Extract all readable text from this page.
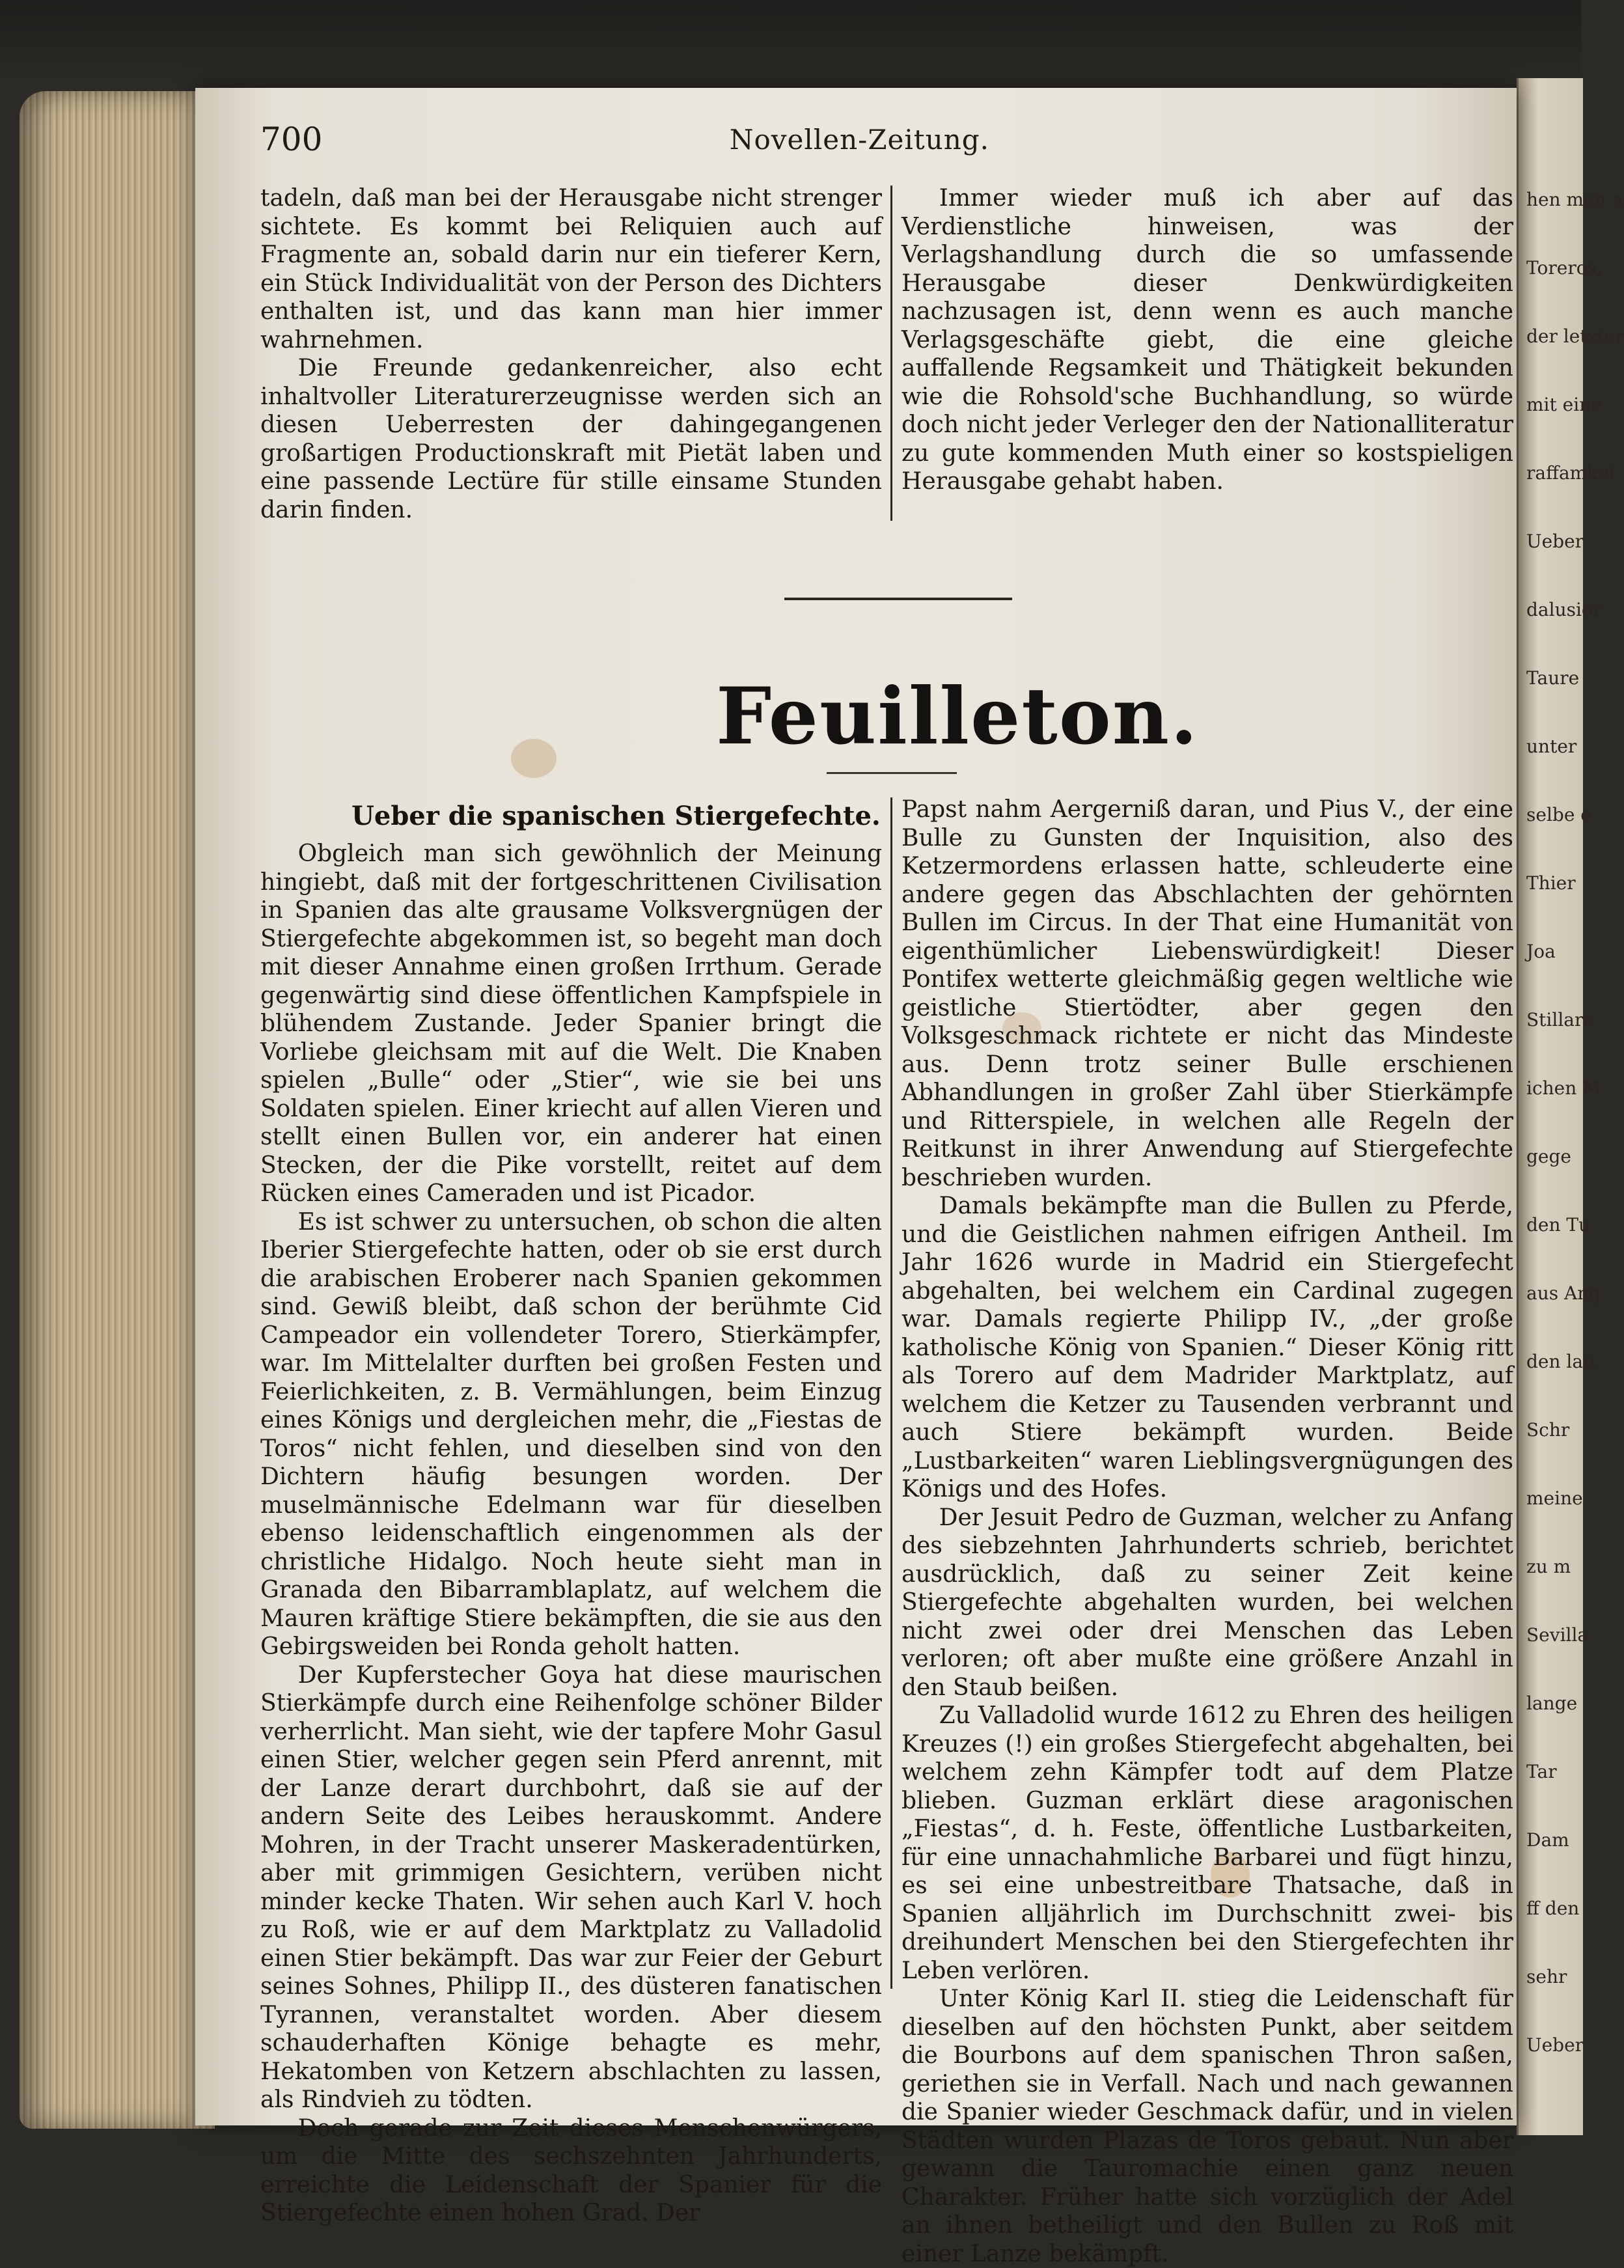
hen man a
Toreros,
der letzter
mit eine
raffamkei
Ueber
dalusier
Taure
unter
selbe e
Thier
Joa
Stillare
ichen M
gege
den Tu
aus Ang
den lan,
Schr
meine
zu m
Sevilla
lange
Tar
Dam
ff den
sehr
Ueber
700	Novellen-Zeitung.

tadeln, daß man bei der Herausgabe nicht strenger sichtete. Es kommt bei Reliquien auch auf Fragmente an, sobald darin nur ein tieferer Kern, ein Stück Individualität von der Person des Dichters enthalten ist, und das kann man hier immer wahrnehmen.

Die Freunde gedankenreicher, also echt inhaltvoller Literaturerzeugnisse werden sich an diesen Ueberresten der dahingegangenen großartigen Productionskraft mit Pietät laben und eine passende Lectüre für stille einsame Stunden darin finden.

Immer wieder muß ich aber auf das Verdienstliche hinweisen, was der Verlagshandlung durch die so umfassende Herausgabe dieser Denkwürdigkeiten nachzusagen ist, denn wenn es auch manche Verlagsgeschäfte giebt, die eine gleiche auffallende Regsamkeit und Thätigkeit bekunden wie die Rohsold'sche Buchhandlung, so würde doch nicht jeder Verleger den der Nationalliteratur zu gute kommenden Muth einer so kostspieligen Herausgabe gehabt haben.

Feuilleton.
Ueber die spanischen Stiergefechte.

Obgleich man sich gewöhnlich der Meinung hingiebt, daß mit der fortgeschrittenen Civilisation in Spanien das alte grausame Volksvergnügen der Stiergefechte abgekommen ist, so begeht man doch mit dieser Annahme einen großen Irrthum. Gerade gegenwärtig sind diese öffentlichen Kampfspiele in blühendem Zustande. Jeder Spanier bringt die Vorliebe gleichsam mit auf die Welt. Die Knaben spielen „Bulle“ oder „Stier“, wie sie bei uns Soldaten spielen. Einer kriecht auf allen Vieren und stellt einen Bullen vor, ein anderer hat einen Stecken, der die Pike vorstellt, reitet auf dem Rücken eines Cameraden und ist Picador.

Es ist schwer zu untersuchen, ob schon die alten Iberier Stiergefechte hatten, oder ob sie erst durch die arabischen Eroberer nach Spanien gekommen sind. Gewiß bleibt, daß schon der berühmte Cid Campeador ein vollendeter Torero, Stierkämpfer, war. Im Mittelalter durften bei großen Festen und Feierlichkeiten, z. B. Vermählungen, beim Einzug eines Königs und dergleichen mehr, die „Fiestas de Toros“ nicht fehlen, und dieselben sind von den Dichtern häufig besungen worden. Der muselmännische Edelmann war für dieselben ebenso leidenschaftlich eingenommen als der christliche Hidalgo. Noch heute sieht man in Granada den Bibarramblaplatz, auf welchem die Mauren kräftige Stiere bekämpften, die sie aus den Gebirgsweiden bei Ronda geholt hatten.

Der Kupferstecher Goya hat diese maurischen Stierkämpfe durch eine Reihenfolge schöner Bilder verherrlicht. Man sieht, wie der tapfere Mohr Gasul einen Stier, welcher gegen sein Pferd anrennt, mit der Lanze derart durchbohrt, daß sie auf der andern Seite des Leibes herauskommt. Andere Mohren, in der Tracht unserer Maskeradentürken, aber mit grimmigen Gesichtern, verüben nicht minder kecke Thaten. Wir sehen auch Karl V. hoch zu Roß, wie er auf dem Marktplatz zu Valladolid einen Stier bekämpft. Das war zur Feier der Geburt seines Sohnes, Philipp II., des düsteren fanatischen Tyrannen, veranstaltet worden. Aber diesem schauderhaften Könige behagte es mehr, Hekatomben von Ketzern abschlachten zu lassen, als Rindvieh zu tödten.

Doch gerade zur Zeit dieses Menschenwürgers, um die Mitte des sechszehnten Jahrhunderts, erreichte die Leidenschaft der Spanier für die Stiergefechte einen hohen Grad. Der

Papst nahm Aergerniß daran, und Pius V., der eine Bulle zu Gunsten der Inquisition, also des Ketzermordens erlassen hatte, schleuderte eine andere gegen das Abschlachten der gehörnten Bullen im Circus. In der That eine Humanität von eigenthümlicher Liebenswürdigkeit! Dieser Pontifex wetterte gleichmäßig gegen weltliche wie geistliche Stiertödter, aber gegen den Volksgeschmack richtete er nicht das Mindeste aus. Denn trotz seiner Bulle erschienen Abhandlungen in großer Zahl über Stierkämpfe und Ritterspiele, in welchen alle Regeln der Reitkunst in ihrer Anwendung auf Stiergefechte beschrieben wurden.

Damals bekämpfte man die Bullen zu Pferde, und die Geistlichen nahmen eifrigen Antheil. Im Jahr 1626 wurde in Madrid ein Stiergefecht abgehalten, bei welchem ein Cardinal zugegen war. Damals regierte Philipp IV., „der große katholische König von Spanien.“ Dieser König ritt als Torero auf dem Madrider Marktplatz, auf welchem die Ketzer zu Tausenden verbrannt und auch Stiere bekämpft wurden. Beide „Lustbarkeiten“ waren Lieblingsvergnügungen des Königs und des Hofes.

Der Jesuit Pedro de Guzman, welcher zu Anfang des siebzehnten Jahrhunderts schrieb, berichtet ausdrücklich, daß zu seiner Zeit keine Stiergefechte abgehalten wurden, bei welchen nicht zwei oder drei Menschen das Leben verloren; oft aber mußte eine größere Anzahl in den Staub beißen.

Zu Valladolid wurde 1612 zu Ehren des heiligen Kreuzes (!) ein großes Stiergefecht abgehalten, bei welchem zehn Kämpfer todt auf dem Platze blieben. Guzman erklärt diese aragonischen „Fiestas“, d. h. Feste, öffentliche Lustbarkeiten, für eine unnachahmliche Barbarei und fügt hinzu, es sei eine unbestreitbare Thatsache, daß in Spanien alljährlich im Durchschnitt zwei- bis dreihundert Menschen bei den Stiergefechten ihr Leben verlören.

Unter König Karl II. stieg die Leidenschaft für dieselben auf den höchsten Punkt, aber seitdem die Bourbons auf dem spanischen Thron saßen, geriethen sie in Verfall. Nach und nach gewannen die Spanier wieder Geschmack dafür, und in vielen Städten wurden Plazas de Toros gebaut. Nun aber gewann die Tauromachie einen ganz neuen Charakter. Früher hatte sich vorzüglich der Adel an ihnen betheiligt und den Bullen zu Roß mit einer Lanze bekämpft.
